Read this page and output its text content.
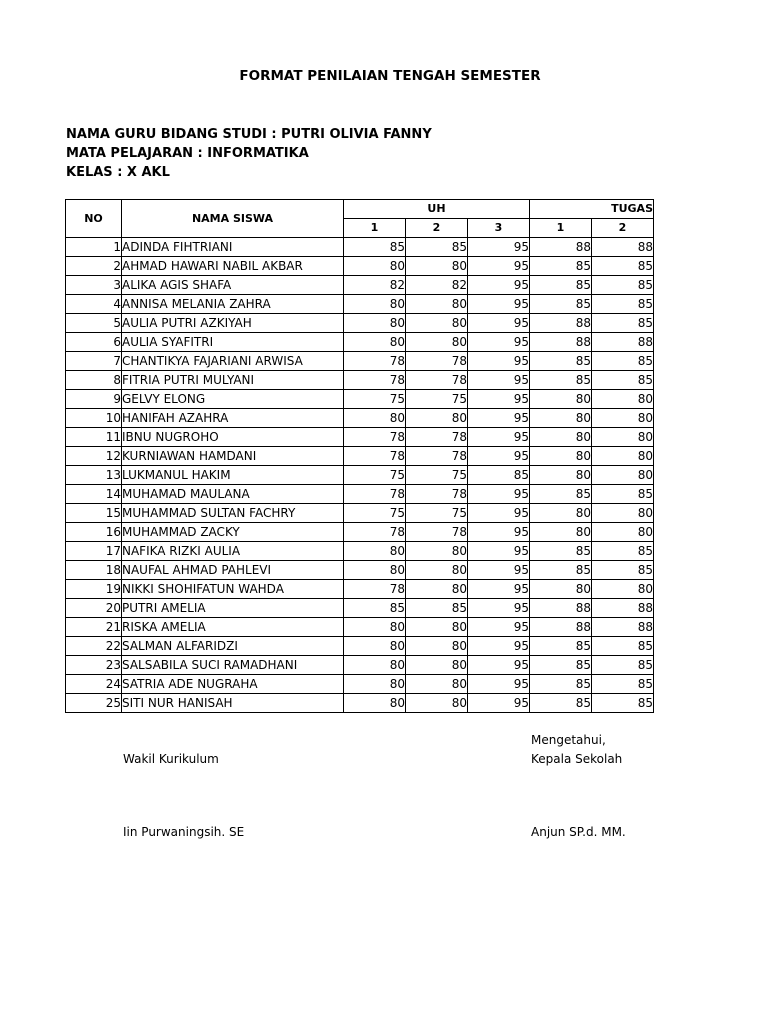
FORMAT PENILAIAN TENGAH SEMESTER
NAMA GURU BIDANG STUDI : PUTRI OLIVIA FANNY
MATA PELAJARAN : INFORMATIKA
KELAS : X AKL
NO	NAMA SISWA	UH			TUGAS	
		1	2	3	1	2
1	ADINDA FIHTRIANI	85	85	95	88	88
2	AHMAD HAWARI NABIL AKBAR	80	80	95	85	85
3	ALIKA AGIS SHAFA	82	82	95	85	85
4	ANNISA MELANIA ZAHRA	80	80	95	85	85
5	AULIA PUTRI AZKIYAH	80	80	95	88	85
6	AULIA SYAFITRI	80	80	95	88	88
7	CHANTIKYA FAJARIANI ARWISA	78	78	95	85	85
8	FITRIA PUTRI MULYANI	78	78	95	85	85
9	GELVY ELONG	75	75	95	80	80
10	HANIFAH AZAHRA	80	80	95	80	80
11	IBNU NUGROHO	78	78	95	80	80
12	KURNIAWAN HAMDANI	78	78	95	80	80
13	LUKMANUL HAKIM	75	75	85	80	80
14	MUHAMAD MAULANA	78	78	95	85	85
15	MUHAMMAD SULTAN FACHRY	75	75	95	80	80
16	MUHAMMAD ZACKY	78	78	95	80	80
17	NAFIKA RIZKI AULIA	80	80	95	85	85
18	NAUFAL AHMAD PAHLEVI	80	80	95	85	85
19	NIKKI SHOHIFATUN WAHDA	78	80	95	80	80
20	PUTRI AMELIA	85	85	95	88	88
21	RISKA AMELIA	80	80	95	88	88
22	SALMAN ALFARIDZI	80	80	95	85	85
23	SALSABILA SUCI RAMADHANI	80	80	95	85	85
24	SATRIA ADE NUGRAHA	80	80	95	85	85
25	SITI NUR HANISAH	80	80	95	85	85
Mengetahui,
Wakil Kurikulum	Kepala Sekolah
Iin Purwaningsih. SE	Anjun SP.d. MM.
